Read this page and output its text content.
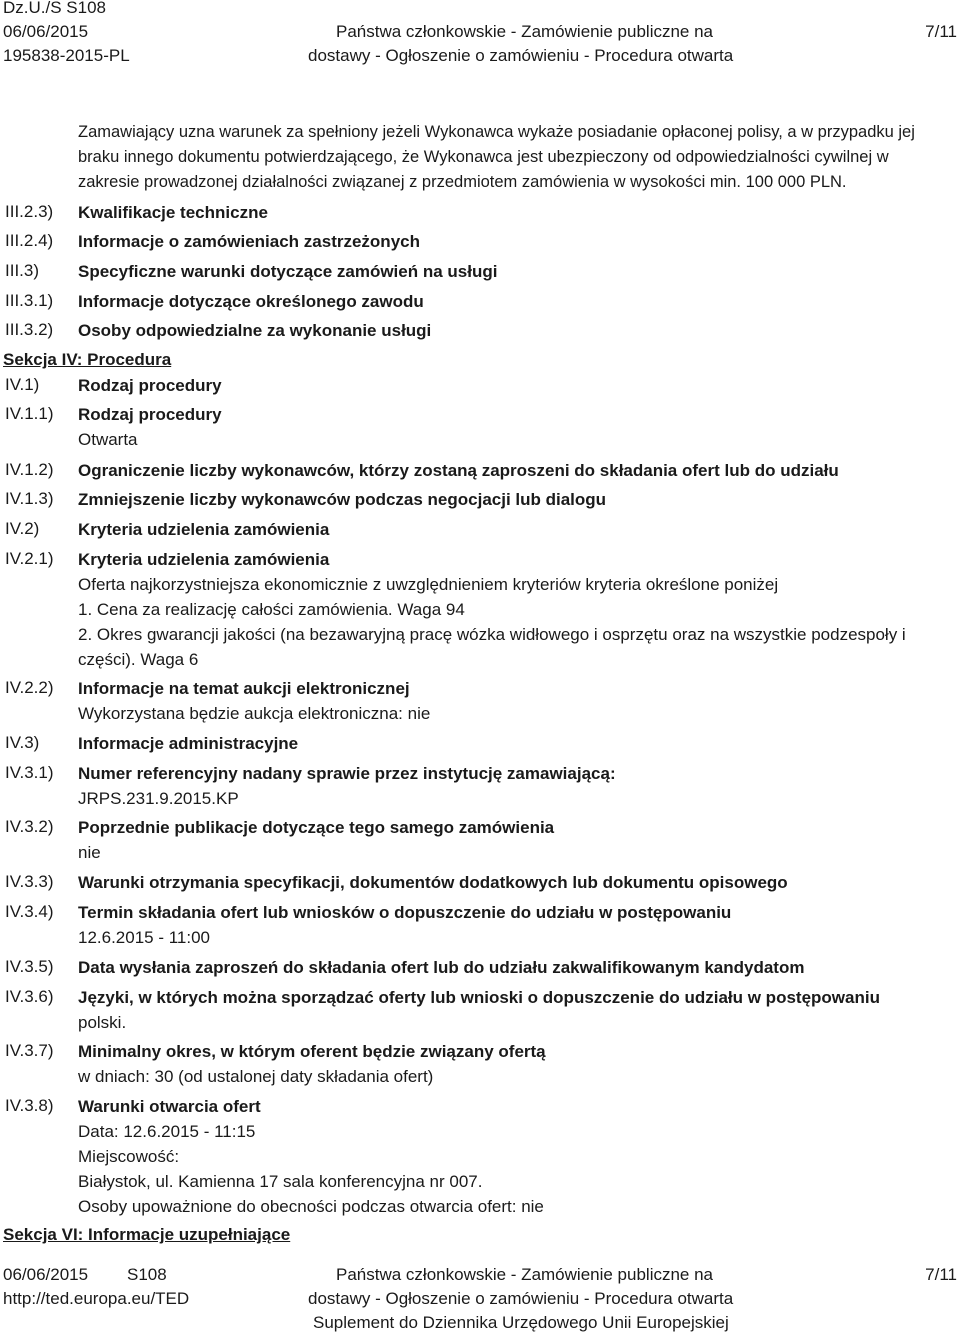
Dz.U./S S108
06/06/2015
195838-2015-PL
Państwa członkowskie - Zamówienie publiczne na
dostawy - Ogłoszenie o zamówieniu - Procedura otwarta
7/11
Zamawiający uzna warunek za spełniony jeżeli Wykonawca wykaże posiadanie opłaconej polisy, a w przypadku jej braku innego dokumentu potwierdzającego, że Wykonawca jest ubezpieczony od odpowiedzialności cywilnej w zakresie prowadzonej działalności związanej z przedmiotem zamówienia w wysokości min. 100 000 PLN.
III.2.3) Kwalifikacje techniczne
III.2.4) Informacje o zamówieniach zastrzeżonych
III.3) Specyficzne warunki dotyczące zamówień na usługi
III.3.1) Informacje dotyczące określonego zawodu
III.3.2) Osoby odpowiedzialne za wykonanie usługi
Sekcja IV: Procedura
IV.1) Rodzaj procedury
IV.1.1) Rodzaj procedury
Otwarta
IV.1.2) Ograniczenie liczby wykonawców, którzy zostaną zaproszeni do składania ofert lub do udziału
IV.1.3) Zmniejszenie liczby wykonawców podczas negocjacji lub dialogu
IV.2) Kryteria udzielenia zamówienia
IV.2.1) Kryteria udzielenia zamówienia
Oferta najkorzystniejsza ekonomicznie z uwzględnieniem kryteriów kryteria określone poniżej
1. Cena za realizację całości zamówienia. Waga 94
2. Okres gwarancji jakości (na bezawaryjną pracę wózka widłowego i osprzętu oraz na wszystkie podzespoły i części). Waga 6
IV.2.2) Informacje na temat aukcji elektronicznej
Wykorzystana będzie aukcja elektroniczna: nie
IV.3) Informacje administracyjne
IV.3.1) Numer referencyjny nadany sprawie przez instytucję zamawiającą:
JRPS.231.9.2015.KP
IV.3.2) Poprzednie publikacje dotyczące tego samego zamówienia
nie
IV.3.3) Warunki otrzymania specyfikacji, dokumentów dodatkowych lub dokumentu opisowego
IV.3.4) Termin składania ofert lub wniosków o dopuszczenie do udziału w postępowaniu
12.6.2015 - 11:00
IV.3.5) Data wysłania zaproszeń do składania ofert lub do udziału zakwalifikowanym kandydatom
IV.3.6) Języki, w których można sporządzać oferty lub wnioski o dopuszczenie do udziału w postępowaniu
polski.
IV.3.7) Minimalny okres, w którym oferent będzie związany ofertą
w dniach: 30 (od ustalonej daty składania ofert)
IV.3.8) Warunki otwarcia ofert
Data: 12.6.2015 - 11:15
Miejscowość:
Białystok, ul. Kamienna 17 sala konferencyjna nr 007.
Osoby upoważnione do obecności podczas otwarcia ofert: nie
Sekcja VI: Informacje uzupełniające
06/06/2015 S108
http://ted.europa.eu/TED
Państwa członkowskie - Zamówienie publiczne na
dostawy - Ogłoszenie o zamówieniu - Procedura otwarta
Suplement do Dziennika Urzędowego Unii Europejskiej
7/11
